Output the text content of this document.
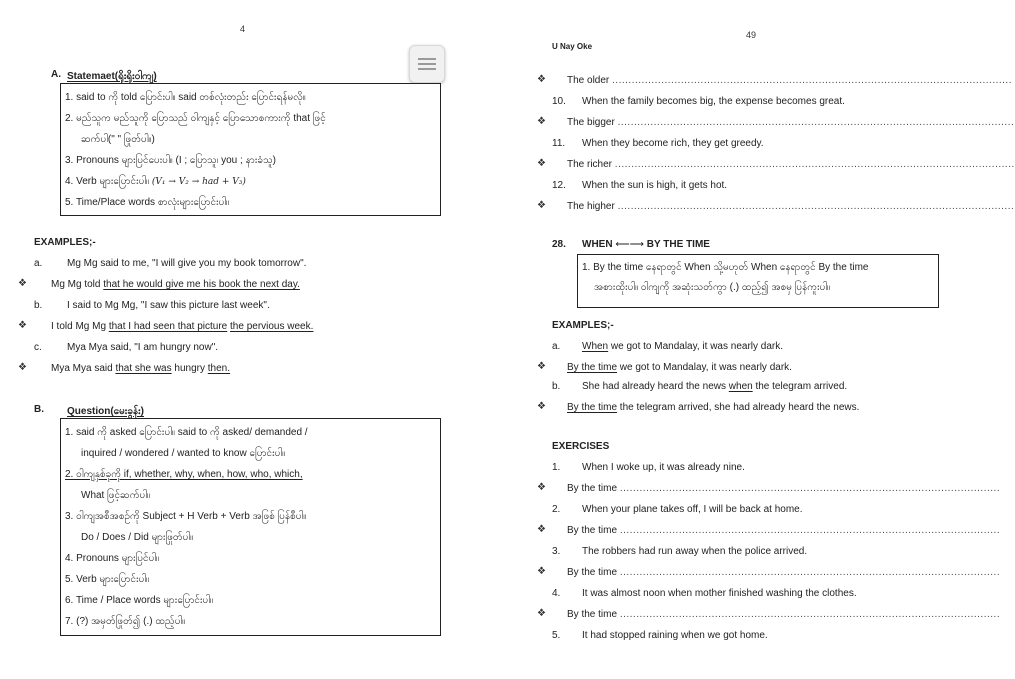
4
A. Statemaet(ရိုးရိုးဝါကျ)
1. said to ကို told ပြောင်းပါ။ said တစ်လုံးတည်း ပြောင်းရန်မလို။
2. မည်သူက မည်သူကို ပြောသည် ဝါကျနှင့် ပြောသောစကားကို that ဖြင့်
ဆက်ပါ(" " ဖြုတ်ပါ။)
3. Pronouns များပြင်ပေးပါ။ (I ; ပြောသူ၊ you ; နားခံသူ)
4. Verb များပြောင်းပါ။ (V₁ → V₂ → had + V₃)
5. Time/Place words စာလုံးများပြောင်းပါ။
EXAMPLES;-
a. Mg Mg said to me, "I will give you my book tomorrow".
❖ Mg Mg told that he would give me his book the next day.
b. I said to Mg Mg, "I saw this picture last week".
❖ I told Mg Mg that I had seen that picture the pervious week.
c.	Mya Mya said, "I am hungry now".
❖ Mya Mya said that she was hungry then.
B. Question(မေးခွန်း)
1. said ကို asked ပြောင်းပါ။ said to ကို asked/ demanded /
inquired / wondered / wanted to know ပြောင်းပါ။
2. ဝါကျနှစ်ခုကို if, whether, why, when, how, who, which,
What ဖြင့်ဆက်ပါ။
3. ဝါကျအစီအစဉ်ကို Subject + H Verb + Verb အဖြစ် ပြန်စီပါ။
Do / Does / Did များဖြုတ်ပါ။
4. Pronouns များပြင်ပါ။
5. Verb များပြောင်းပါ။
6. Time / Place words များပြောင်းပါ။
7. (?) အမှတ်ဖြုတ်၍ (.) ထည့်ပါ။
49
U Nay Oke
❖ The older ..........................................................................................................................
10. When the family becomes big, the expense becomes great.
❖ The bigger .........................................................................................................................
11. When they become rich, they get greedy.
❖ The richer ..........................................................................................................................
12. When the sun is high, it gets hot.
❖ The higher .........................................................................................................................
28. WHEN ⟵⟶ BY THE TIME
1. By the time နေရာတွင် When သို့မဟုတ် When နေရာတွင် By the time
အစားထိုးပါ။ ဝါကျကို အဆုံးသတ်ကွာ (.) ထည့်၍ အစမှ ပြန်ကူးပါ။
EXAMPLES;-
a. When we got to Mandalay, it was nearly dark.
❖ By the time we got to Mandalay, it was nearly dark.
b. She had already heard the news when the telegram arrived.
❖ By the time the telegram arrived, she had already heard the news.
EXERCISES
1. When I woke up, it was already nine.
❖ By the time ....................................................................................................................
2. When your plane takes off, I will be back at home.
❖ By the time ....................................................................................................................
3. The robbers had run away when the police arrived.
❖ By the time ....................................................................................................................
4. It was almost noon when mother finished washing the clothes.
❖ By the time ....................................................................................................................
5. It had stopped raining when we got home.
